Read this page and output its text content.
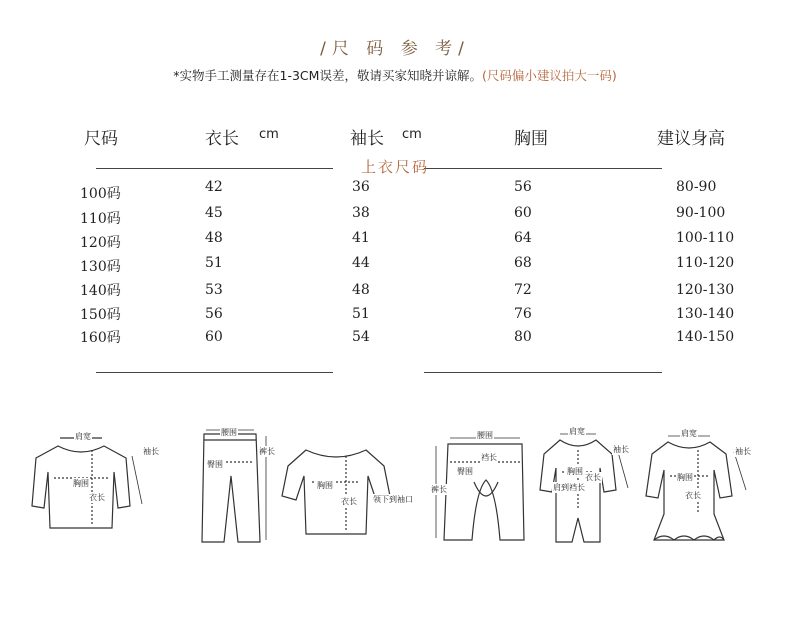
/尺 码 参 考/
*实物手工测量存在1-3CM误差，敬请买家知晓并谅解。(尺码偏小建议拍大一码)
尺码	衣长 cm	袖长 cm	胸围	建议身高
上衣尺码
100码	42	36	56	80-90
110码	45	38	60	90-100
120码	48	41	64	100-110
130码	51	44	68	110-120
140码	53	48	72	120-130
150码	56	51	76	130-140
160码	60	54	80	140-150
肩宽
袖长
胸围
衣长
腰围
臀围
裤长
胸围
衣长 领下到袖口
腰围
臀围
裆长
裤长
肩宽
袖长
胸围
肩到裆长
衣长
肩宽
袖长
胸围
衣长
